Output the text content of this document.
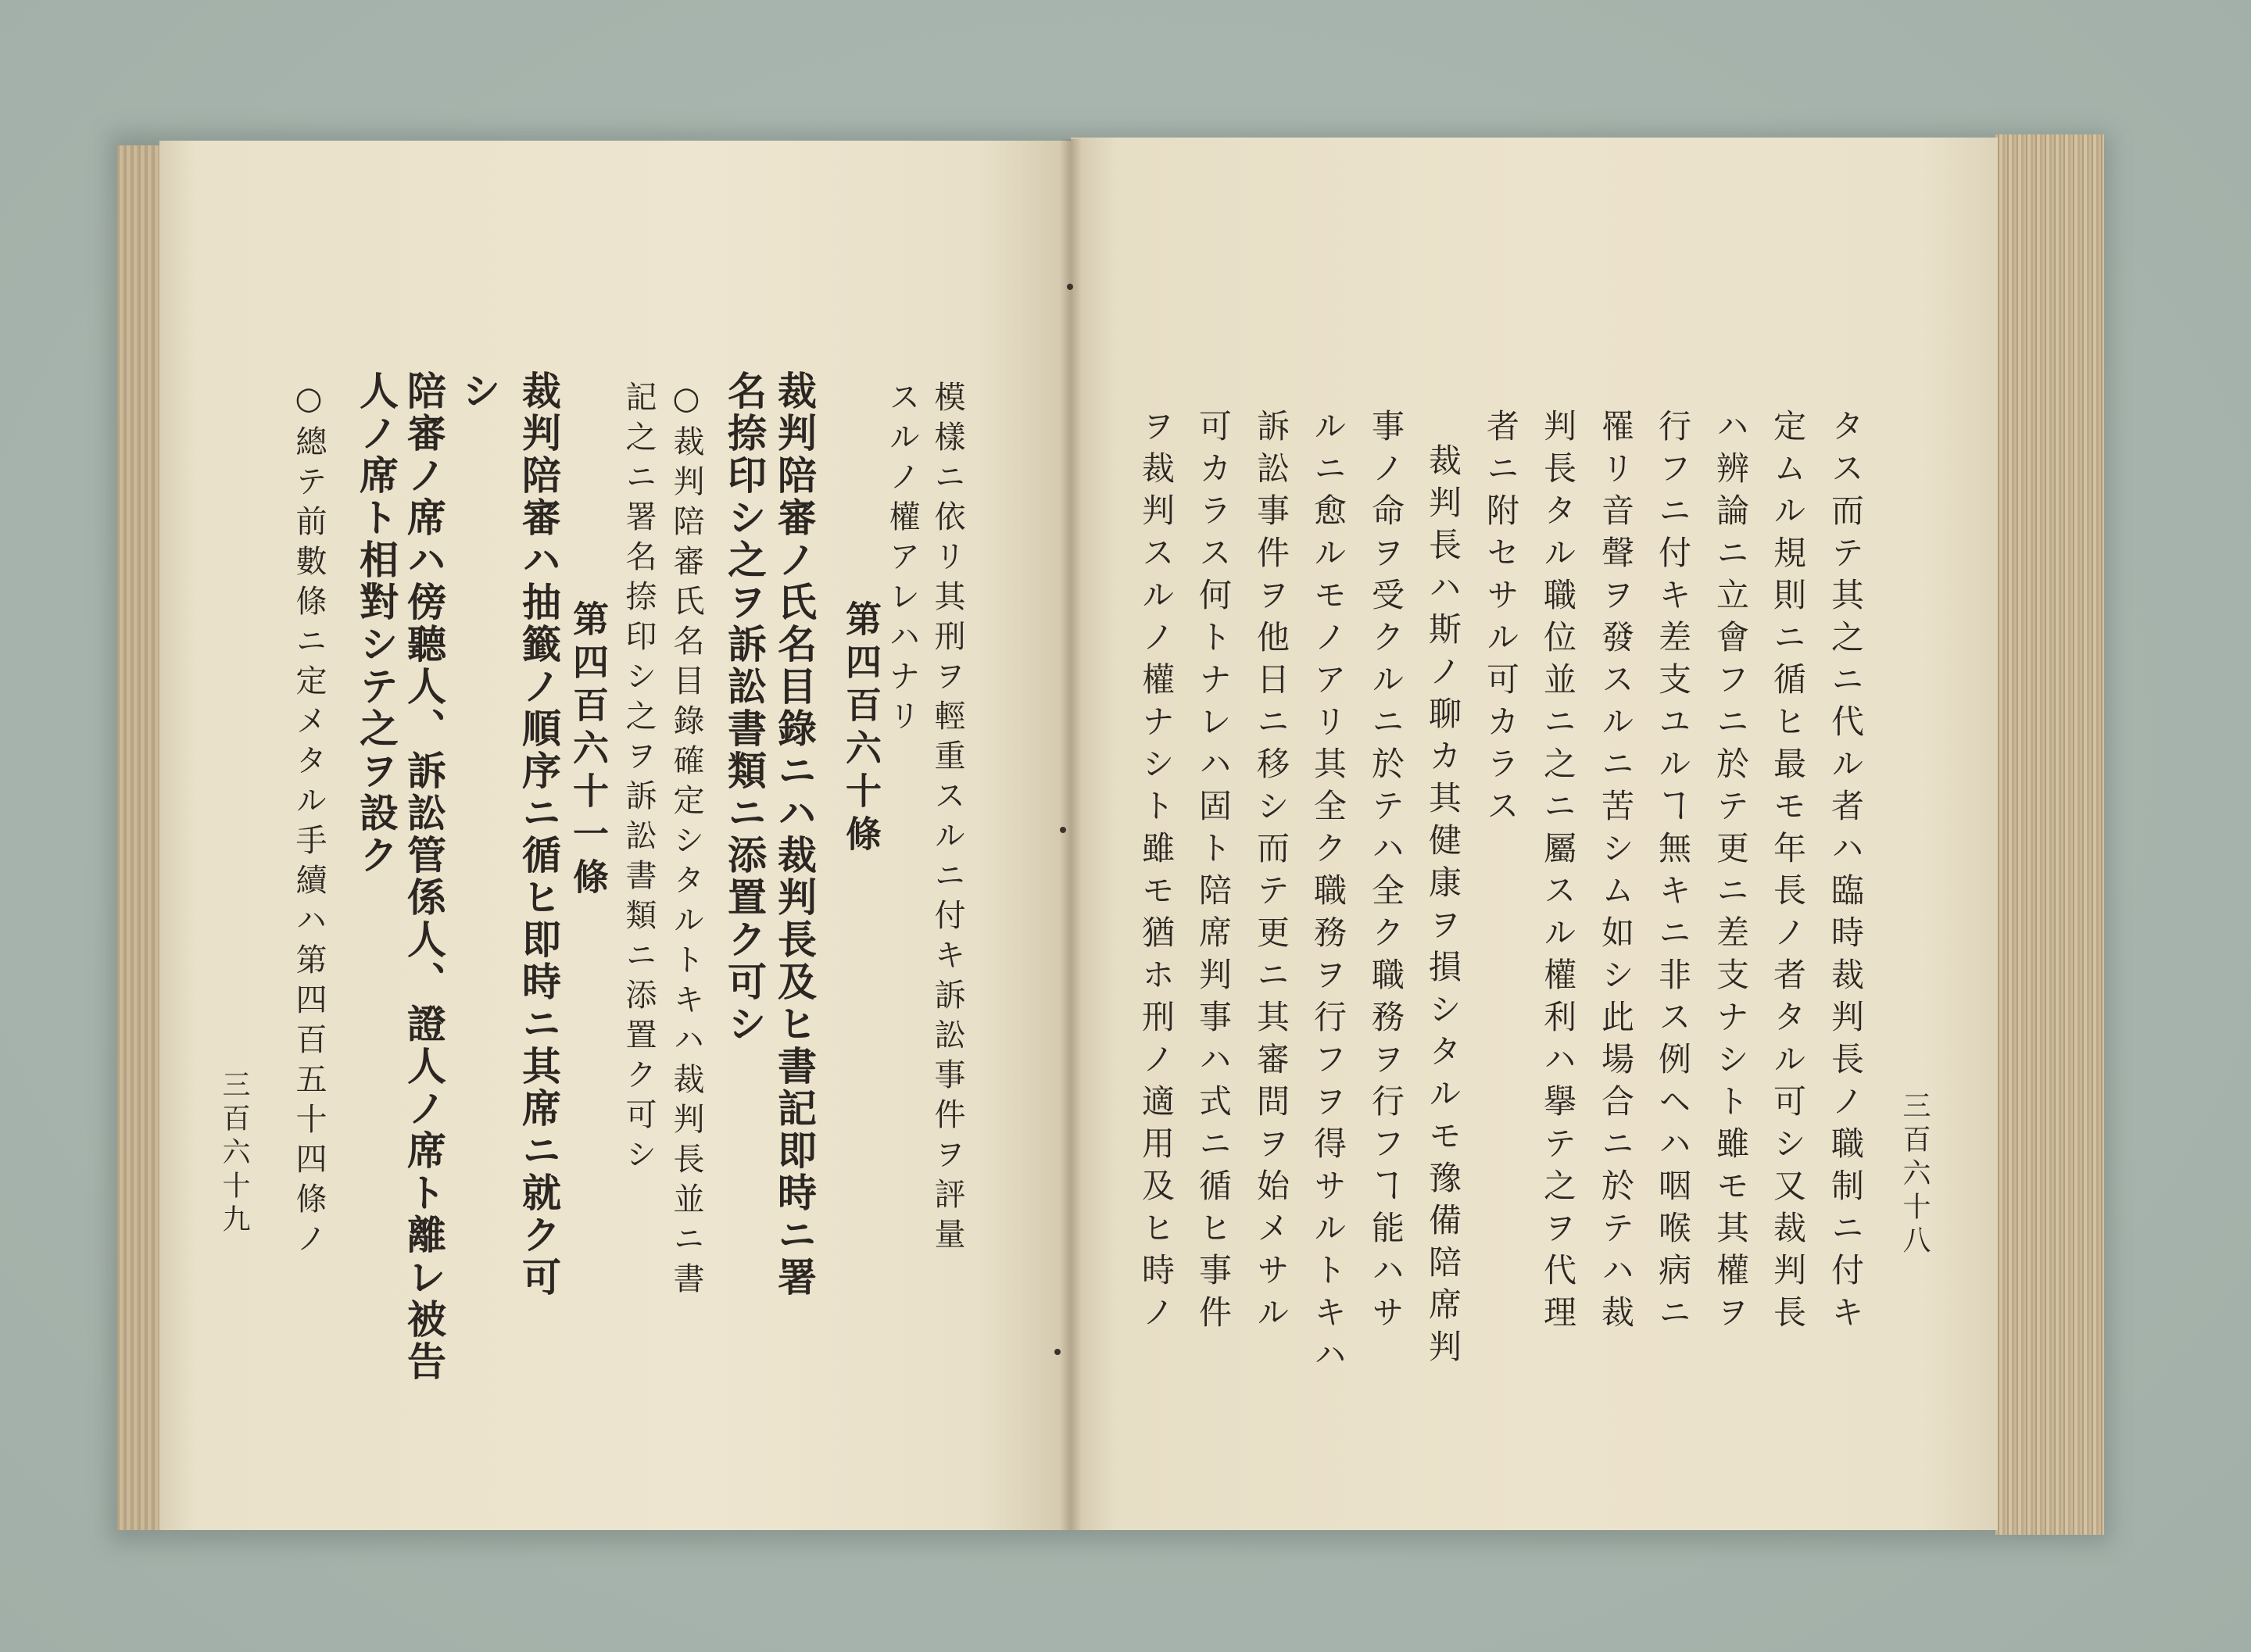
三百六十八
タス而テ其之ニ代ル者ハ臨時裁判長ノ職制ニ付キ
定ムル規則ニ循ヒ最モ年長ノ者タル可シ又裁判長
ハ辨論ニ立會フニ於テ更ニ差支ナシト雖モ其權ヲ
行フニ付キ差支ユルヿ無キニ非ス例ヘハ咽喉病ニ
罹リ音聲ヲ發スルニ苦シム如シ此場合ニ於テハ裁
判長タル職位並ニ之ニ屬スル權利ハ擧テ之ヲ代理
者ニ附セサル可カラス
裁判長ハ斯ノ聊カ其健康ヲ損シタルモ豫備陪席判
事ノ命ヲ受クルニ於テハ全ク職務ヲ行フヿ能ハサ
ルニ愈ルモノアリ其全ク職務ヲ行フヲ得サルトキハ
訴訟事件ヲ他日ニ移シ而テ更ニ其審問ヲ始メサル
可カラス何トナレハ固ト陪席判事ハ式ニ循ヒ事件
ヲ裁判スルノ權ナシト雖モ猶ホ刑ノ適用及ヒ時ノ
模樣ニ依リ其刑ヲ輕重スルニ付キ訴訟事件ヲ評量
スルノ權アレハナリ
第四百六十條
裁判陪審ノ氏名目錄ニハ裁判長及ヒ書記即時ニ署
名捺印シ之ヲ訴訟書類ニ添置ク可シ
○裁判陪審氏名目錄確定シタルトキハ裁判長並ニ書
記之ニ署名捺印シ之ヲ訴訟書類ニ添置ク可シ
第四百六十一條
裁判陪審ハ抽籤ノ順序ニ循ヒ即時ニ其席ニ就ク可
シ
陪審ノ席ハ傍聽人、訴訟管係人、證人ノ席ト離レ被告
人ノ席ト相對シテ之ヲ設ク
○總テ前數條ニ定メタル手續ハ第四百五十四條ノ
三百六十九
